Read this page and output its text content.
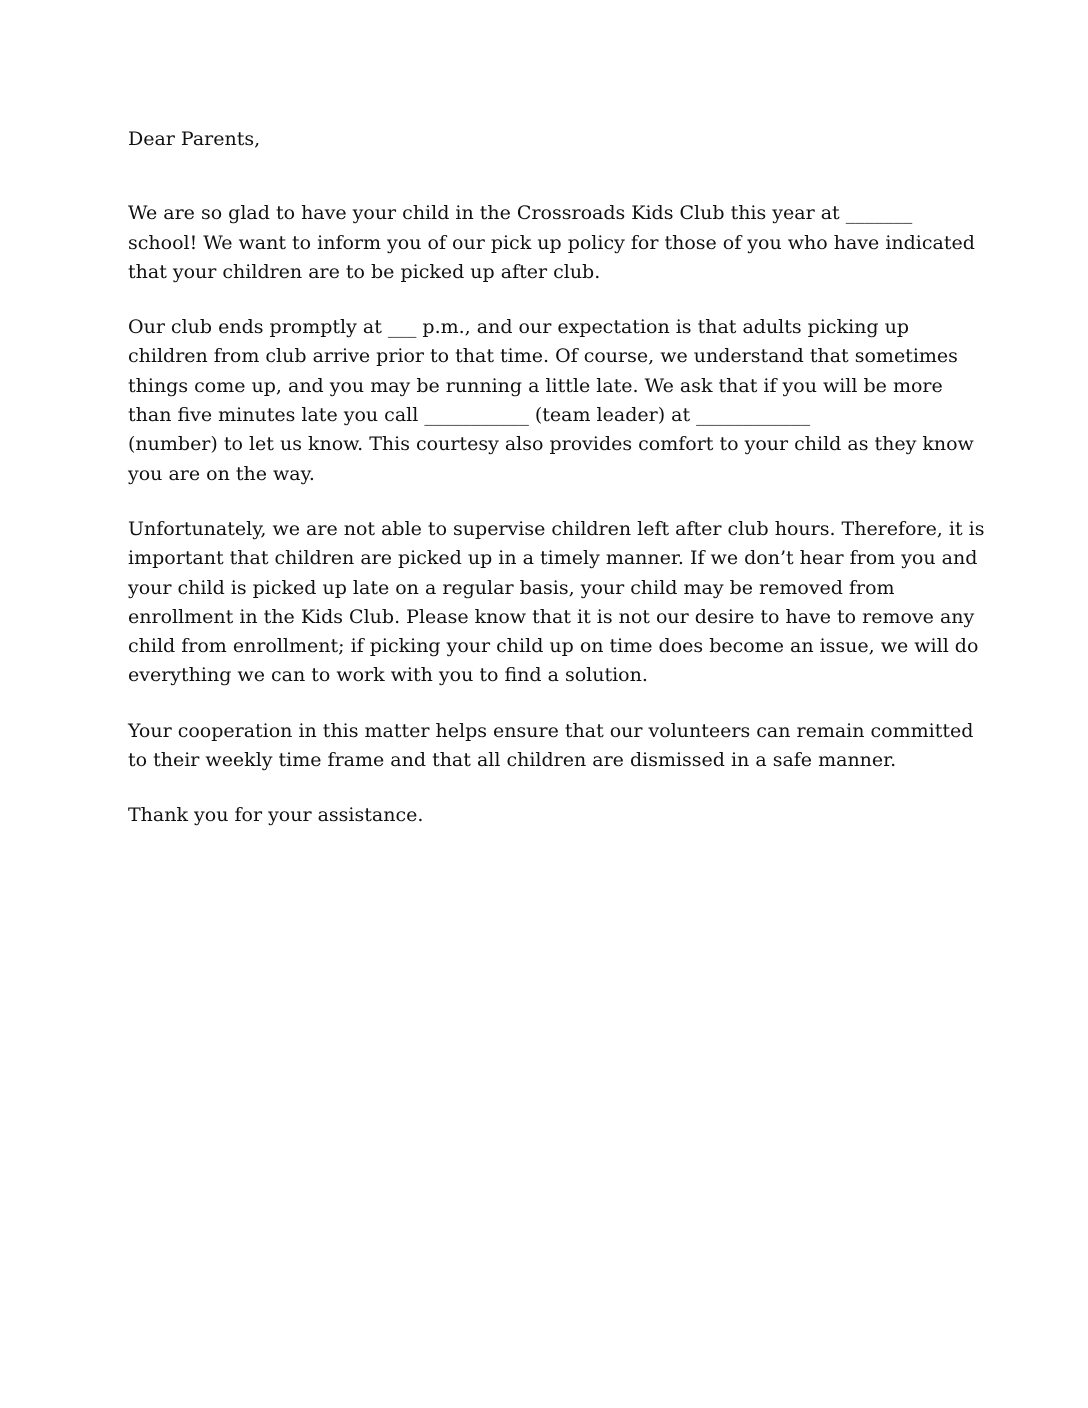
Dear Parents,

We are so glad to have your child in the Crossroads Kids Club this year at _______
school! We want to inform you of our pick up policy for those of you who have indicated
that your children are to be picked up after club.

Our club ends promptly at ___ p.m., and our expectation is that adults picking up
children from club arrive prior to that time. Of course, we understand that sometimes
things come up, and you may be running a little late. We ask that if you will be more
than five minutes late you call ___________ (team leader) at ____________
(number) to let us know. This courtesy also provides comfort to your child as they know
you are on the way.

Unfortunately, we are not able to supervise children left after club hours. Therefore, it is
important that children are picked up in a timely manner. If we don’t hear from you and
your child is picked up late on a regular basis, your child may be removed from
enrollment in the Kids Club. Please know that it is not our desire to have to remove any
child from enrollment; if picking your child up on time does become an issue, we will do
everything we can to work with you to find a solution.

Your cooperation in this matter helps ensure that our volunteers can remain committed
to their weekly time frame and that all children are dismissed in a safe manner.

Thank you for your assistance.
